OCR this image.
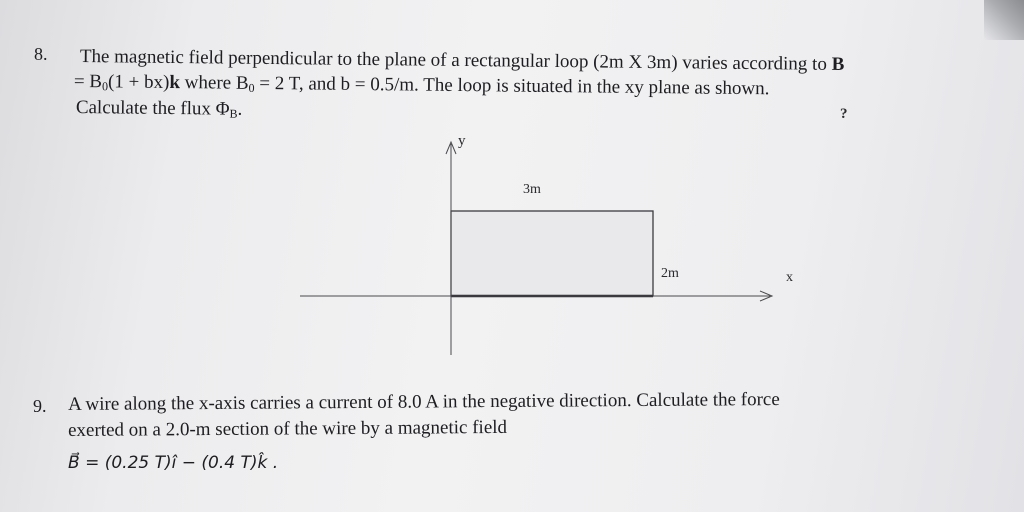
8. The magnetic field perpendicular to the plane of a rectangular loop (2m X 3m) varies according to B
= $B_0(1 + bx)k$ where $B_0 = 2$ T, and b = 0.5/m. The loop is situated in the xy plane as shown.
Calculate the flux $\Phi_B$.	?
y
x
3m
2m
9. A wire along the x-axis carries a current of 8.0 A in the negative direction. Calculate the force
exerted on a 2.0-m section of the wire by a magnetic field
B⃗ = (0.25 T)î − (0.4 T)k̂ .
